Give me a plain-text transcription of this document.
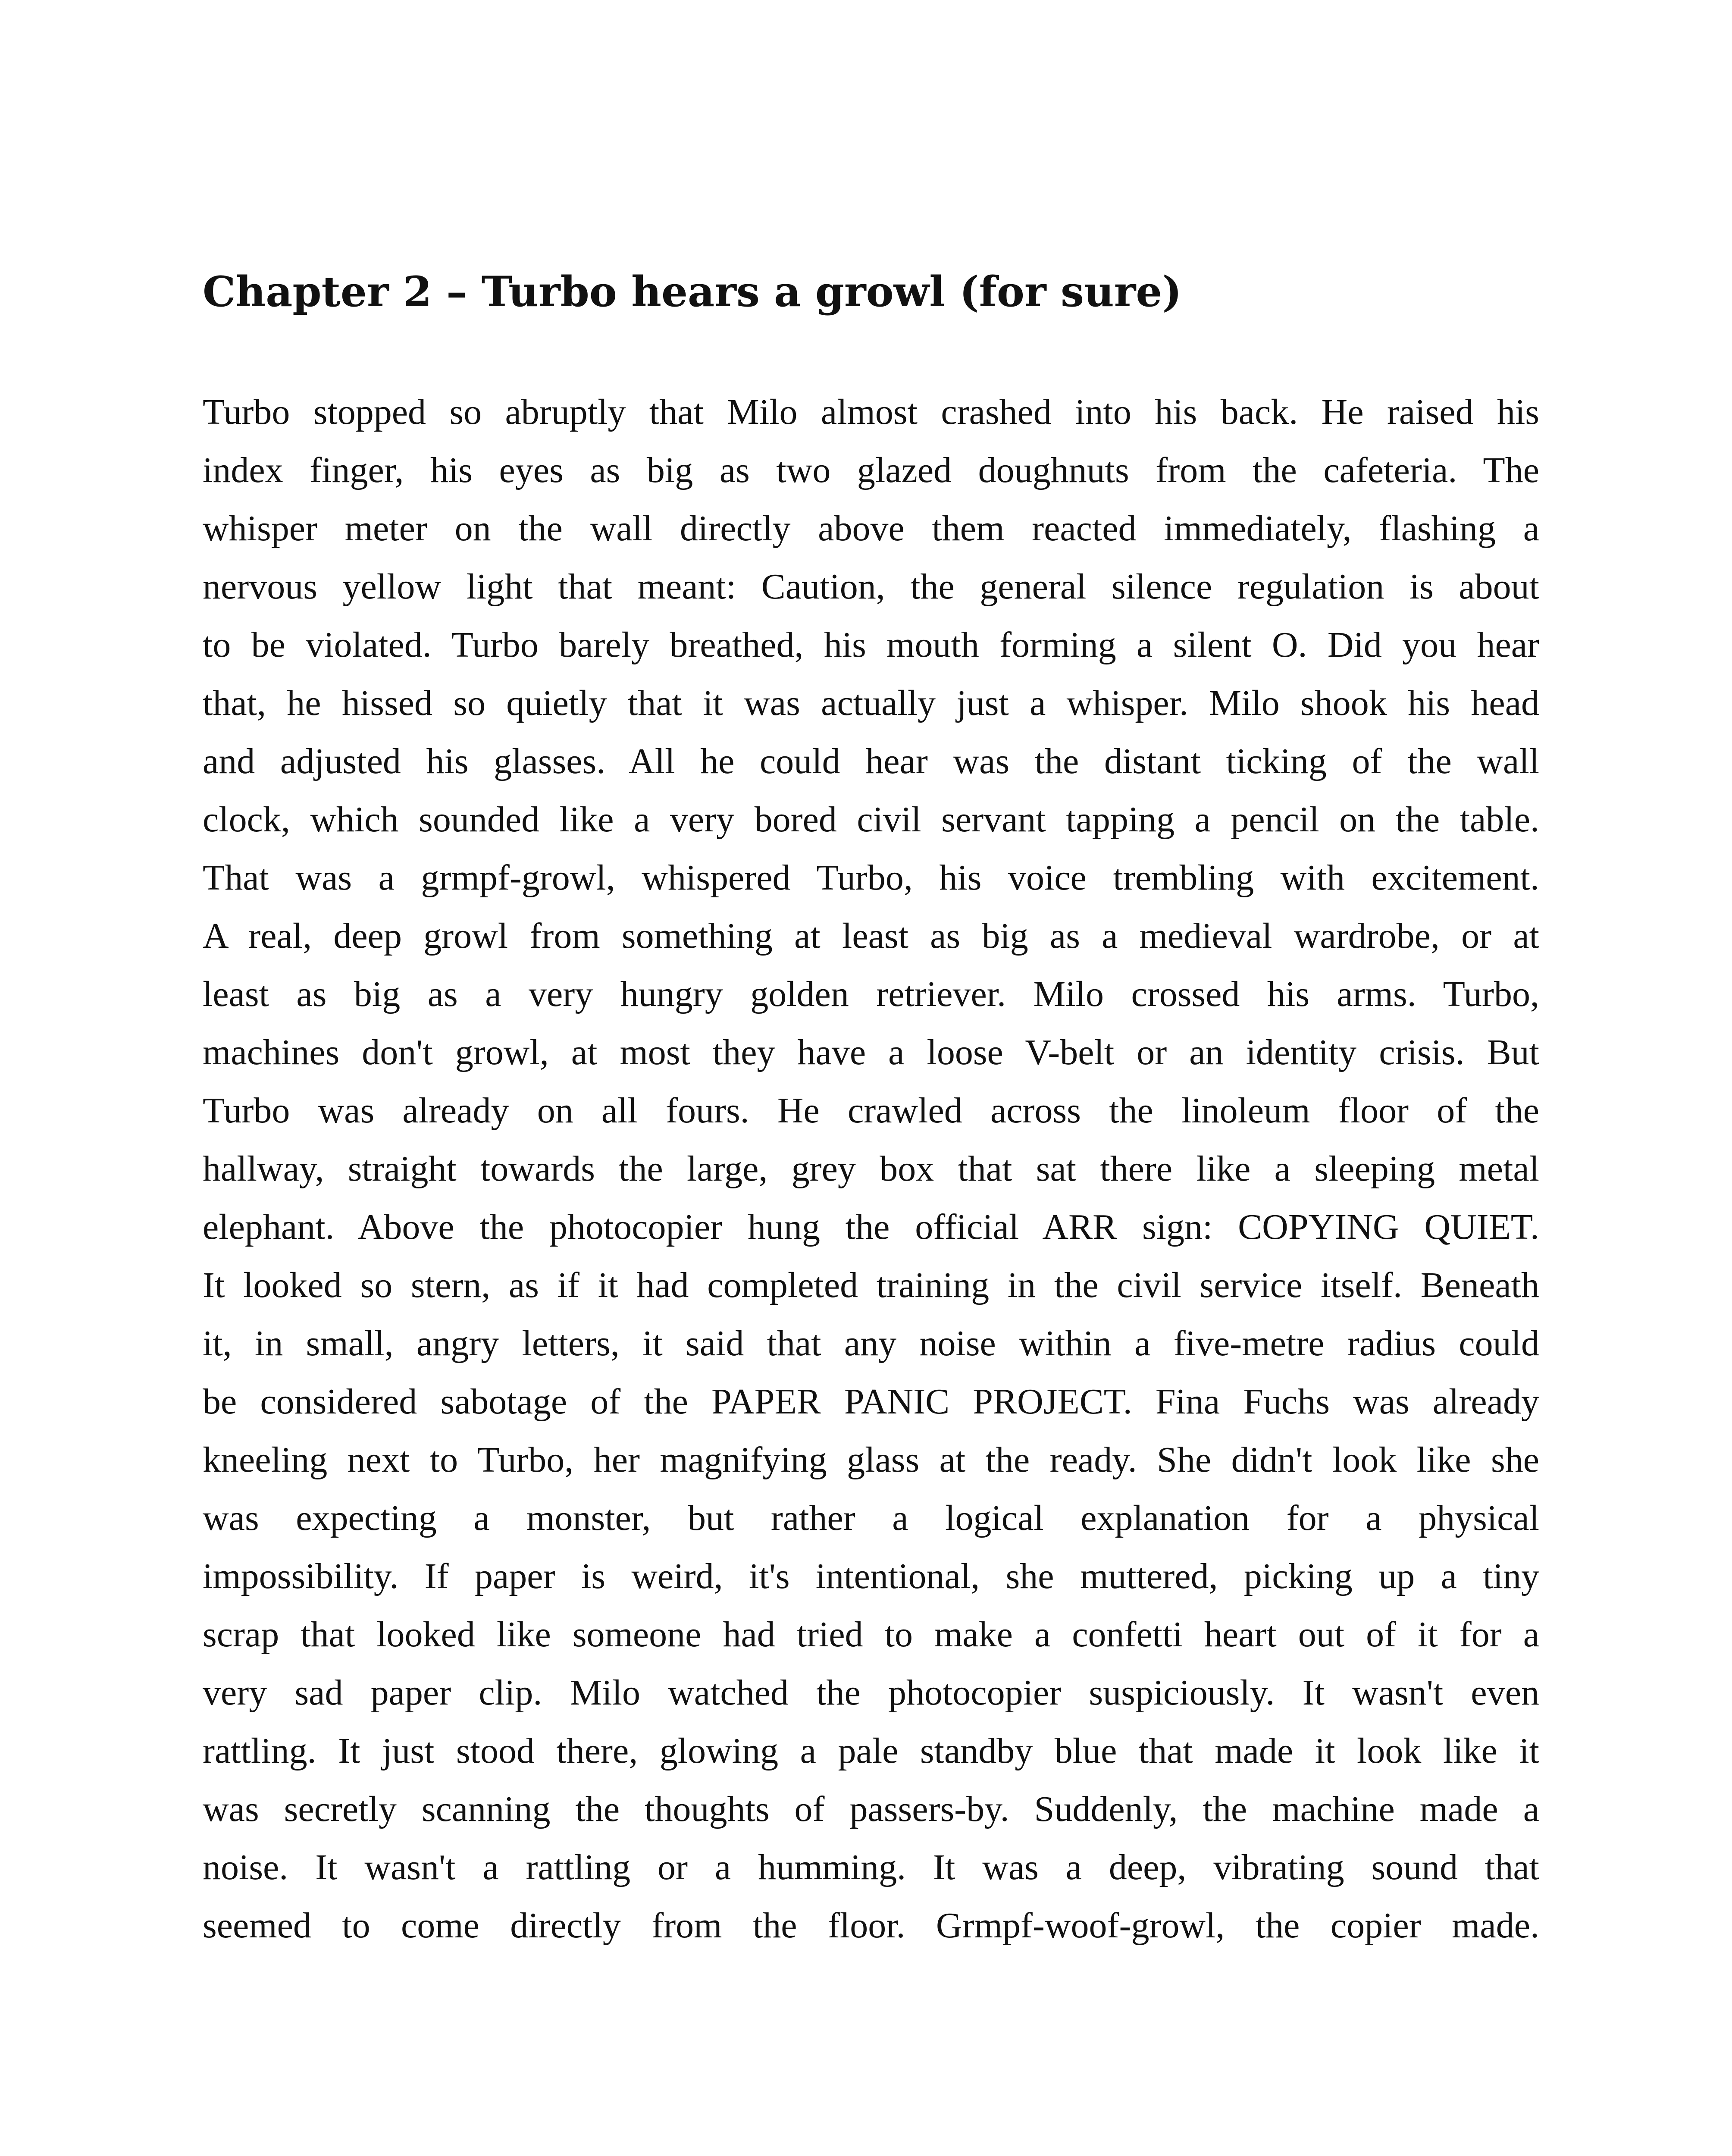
Chapter 2 – Turbo hears a growl (for sure)
Turbo stopped so abruptly that Milo almost crashed into his back. He raised his
index finger, his eyes as big as two glazed doughnuts from the cafeteria. The
whisper meter on the wall directly above them reacted immediately, flashing a
nervous yellow light that meant: Caution, the general silence regulation is about
to be violated. Turbo barely breathed, his mouth forming a silent O. Did you hear
that, he hissed so quietly that it was actually just a whisper. Milo shook his head
and adjusted his glasses. All he could hear was the distant ticking of the wall
clock, which sounded like a very bored civil servant tapping a pencil on the table.
That was a grmpf-growl, whispered Turbo, his voice trembling with excitement.
A real, deep growl from something at least as big as a medieval wardrobe, or at
least as big as a very hungry golden retriever. Milo crossed his arms. Turbo,
machines don't growl, at most they have a loose V-belt or an identity crisis. But
Turbo was already on all fours. He crawled across the linoleum floor of the
hallway, straight towards the large, grey box that sat there like a sleeping metal
elephant. Above the photocopier hung the official ARR sign: COPYING QUIET.
It looked so stern, as if it had completed training in the civil service itself. Beneath
it, in small, angry letters, it said that any noise within a five-metre radius could
be considered sabotage of the PAPER PANIC PROJECT. Fina Fuchs was already
kneeling next to Turbo, her magnifying glass at the ready. She didn't look like she
was expecting a monster, but rather a logical explanation for a physical
impossibility. If paper is weird, it's intentional, she muttered, picking up a tiny
scrap that looked like someone had tried to make a confetti heart out of it for a
very sad paper clip. Milo watched the photocopier suspiciously. It wasn't even
rattling. It just stood there, glowing a pale standby blue that made it look like it
was secretly scanning the thoughts of passers-by. Suddenly, the machine made a
noise. It wasn't a rattling or a humming. It was a deep, vibrating sound that
seemed to come directly from the floor. Grmpf-woof-growl, the copier made.
